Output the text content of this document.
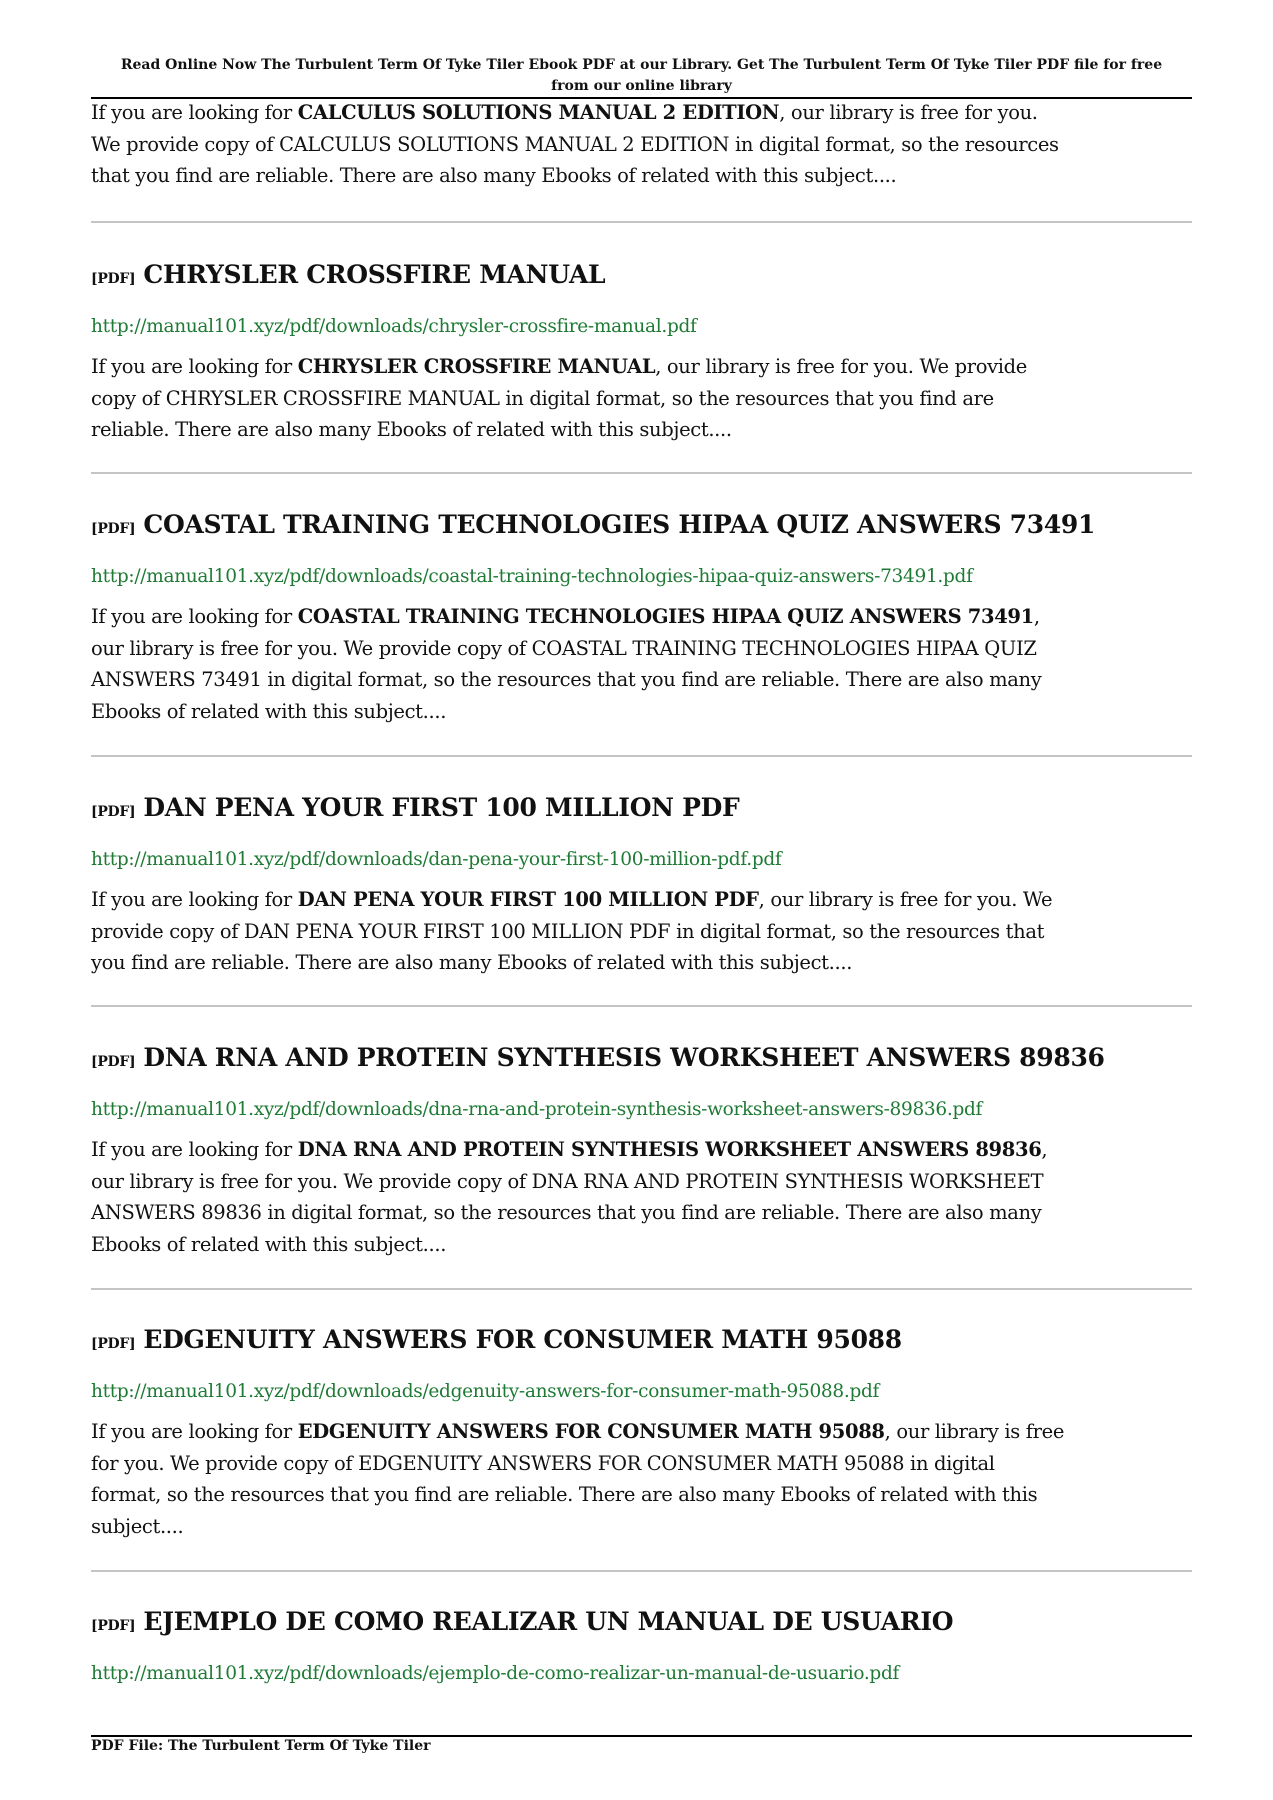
Read Online Now The Turbulent Term Of Tyke Tiler Ebook PDF at our Library. Get The Turbulent Term Of Tyke Tiler PDF file for free
from our online library
If you are looking for CALCULUS SOLUTIONS MANUAL 2 EDITION, our library is free for you.
We provide copy of CALCULUS SOLUTIONS MANUAL 2 EDITION in digital format, so the resources
that you find are reliable. There are also many Ebooks of related with this subject....
[PDF] CHRYSLER CROSSFIRE MANUAL
http://manual101.xyz/pdf/downloads/chrysler-crossfire-manual.pdf
If you are looking for CHRYSLER CROSSFIRE MANUAL, our library is free for you. We provide
copy of CHRYSLER CROSSFIRE MANUAL in digital format, so the resources that you find are
reliable. There are also many Ebooks of related with this subject....
[PDF] COASTAL TRAINING TECHNOLOGIES HIPAA QUIZ ANSWERS 73491
http://manual101.xyz/pdf/downloads/coastal-training-technologies-hipaa-quiz-answers-73491.pdf
If you are looking for COASTAL TRAINING TECHNOLOGIES HIPAA QUIZ ANSWERS 73491,
our library is free for you. We provide copy of COASTAL TRAINING TECHNOLOGIES HIPAA QUIZ
ANSWERS 73491 in digital format, so the resources that you find are reliable. There are also many
Ebooks of related with this subject....
[PDF] DAN PENA YOUR FIRST 100 MILLION PDF
http://manual101.xyz/pdf/downloads/dan-pena-your-first-100-million-pdf.pdf
If you are looking for DAN PENA YOUR FIRST 100 MILLION PDF, our library is free for you. We
provide copy of DAN PENA YOUR FIRST 100 MILLION PDF in digital format, so the resources that
you find are reliable. There are also many Ebooks of related with this subject....
[PDF] DNA RNA AND PROTEIN SYNTHESIS WORKSHEET ANSWERS 89836
http://manual101.xyz/pdf/downloads/dna-rna-and-protein-synthesis-worksheet-answers-89836.pdf
If you are looking for DNA RNA AND PROTEIN SYNTHESIS WORKSHEET ANSWERS 89836,
our library is free for you. We provide copy of DNA RNA AND PROTEIN SYNTHESIS WORKSHEET
ANSWERS 89836 in digital format, so the resources that you find are reliable. There are also many
Ebooks of related with this subject....
[PDF] EDGENUITY ANSWERS FOR CONSUMER MATH 95088
http://manual101.xyz/pdf/downloads/edgenuity-answers-for-consumer-math-95088.pdf
If you are looking for EDGENUITY ANSWERS FOR CONSUMER MATH 95088, our library is free
for you. We provide copy of EDGENUITY ANSWERS FOR CONSUMER MATH 95088 in digital
format, so the resources that you find are reliable. There are also many Ebooks of related with this
subject....
[PDF] EJEMPLO DE COMO REALIZAR UN MANUAL DE USUARIO
http://manual101.xyz/pdf/downloads/ejemplo-de-como-realizar-un-manual-de-usuario.pdf
PDF File: The Turbulent Term Of Tyke Tiler
